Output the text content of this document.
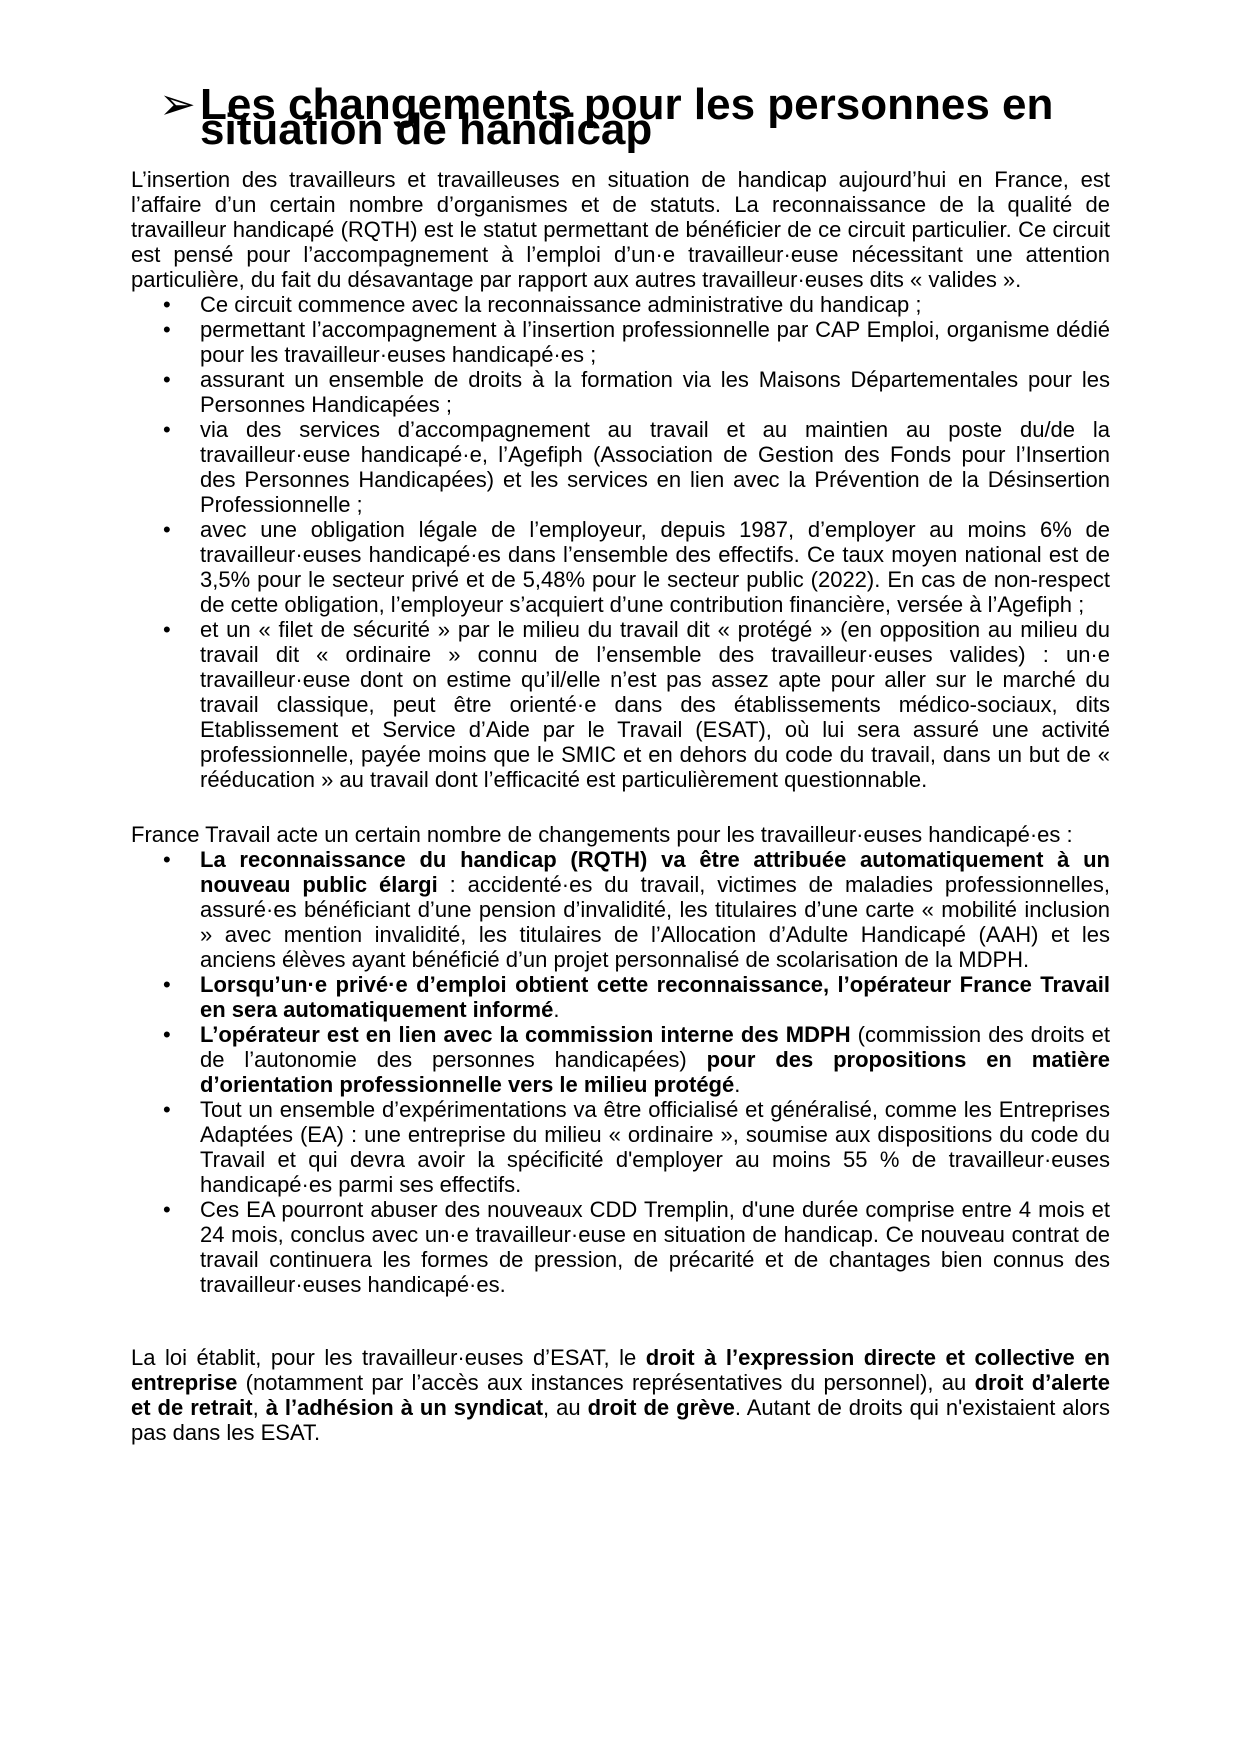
➢ Les changements pour les personnes en situation de handicap

L’insertion des travailleurs et travailleuses en situation de handicap aujourd’hui en France, est l’affaire d’un certain nombre d’organismes et de statuts. La reconnaissance de la qualité de travailleur handicapé (RQTH) est le statut permettant de bénéficier de ce circuit particulier. Ce circuit est pensé pour l’accompagnement à l’emploi d’un·e travailleur·euse nécessitant une attention particulière, du fait du désavantage par rapport aux autres travailleur·euses dits « valides ».

• Ce circuit commence avec la reconnaissance administrative du handicap ;
• permettant l’accompagnement à l’insertion professionnelle par CAP Emploi, organisme dédié pour les travailleur·euses handicapé·es ;
• assurant un ensemble de droits à la formation via les Maisons Départementales pour les Personnes Handicapées ;
• via des services d’accompagnement au travail et au maintien au poste du/de la travailleur·euse handicapé·e, l’Agefiph (Association de Gestion des Fonds pour l’Insertion des Personnes Handicapées) et les services en lien avec la Prévention de la Désinsertion Professionnelle ;
• avec une obligation légale de l’employeur, depuis 1987, d’employer au moins 6% de travailleur·euses handicapé·es dans l’ensemble des effectifs. Ce taux moyen national est de 3,5% pour le secteur privé et de 5,48% pour le secteur public (2022). En cas de non-respect de cette obligation, l’employeur s’acquiert d’une contribution financière, versée à l’Agefiph ;
• et un « filet de sécurité » par le milieu du travail dit « protégé » (en opposition au milieu du travail dit « ordinaire » connu de l’ensemble des travailleur·euses valides) : un·e travailleur·euse dont on estime qu’il/elle n’est pas assez apte pour aller sur le marché du travail classique, peut être orienté·e dans des établissements médico-sociaux, dits Etablissement et Service d’Aide par le Travail (ESAT), où lui sera assuré une activité professionnelle, payée moins que le SMIC et en dehors du code du travail, dans un but de « rééducation » au travail dont l’efficacité est particulièrement questionnable.

France Travail acte un certain nombre de changements pour les travailleur·euses handicapé·es :

• La reconnaissance du handicap (RQTH) va être attribuée automatiquement à un nouveau public élargi : accidenté·es du travail, victimes de maladies professionnelles, assuré·es bénéficiant d’une pension d’invalidité, les titulaires d’une carte « mobilité inclusion » avec mention invalidité, les titulaires de l’Allocation d’Adulte Handicapé (AAH) et les anciens élèves ayant bénéficié d’un projet personnalisé de scolarisation de la MDPH.
• Lorsqu’un·e privé·e d’emploi obtient cette reconnaissance, l’opérateur France Travail en sera automatiquement informé.
• L’opérateur est en lien avec la commission interne des MDPH (commission des droits et de l’autonomie des personnes handicapées) pour des propositions en matière d’orientation professionnelle vers le milieu protégé.
• Tout un ensemble d’expérimentations va être officialisé et généralisé, comme les Entreprises Adaptées (EA) : une entreprise du milieu « ordinaire », soumise aux dispositions du code du Travail et qui devra avoir la spécificité d'employer au moins 55 % de travailleur·euses handicapé·es parmi ses effectifs.
• Ces EA pourront abuser des nouveaux CDD Tremplin, d'une durée comprise entre 4 mois et 24 mois, conclus avec un·e travailleur·euse en situation de handicap. Ce nouveau contrat de travail continuera les formes de pression, de précarité et de chantages bien connus des travailleur·euses handicapé·es.

La loi établit, pour les travailleur·euses d’ESAT, le droit à l’expression directe et collective en entreprise (notamment par l’accès aux instances représentatives du personnel), au droit d’alerte et de retrait, à l’adhésion à un syndicat, au droit de grève. Autant de droits qui n'existaient alors pas dans les ESAT.
